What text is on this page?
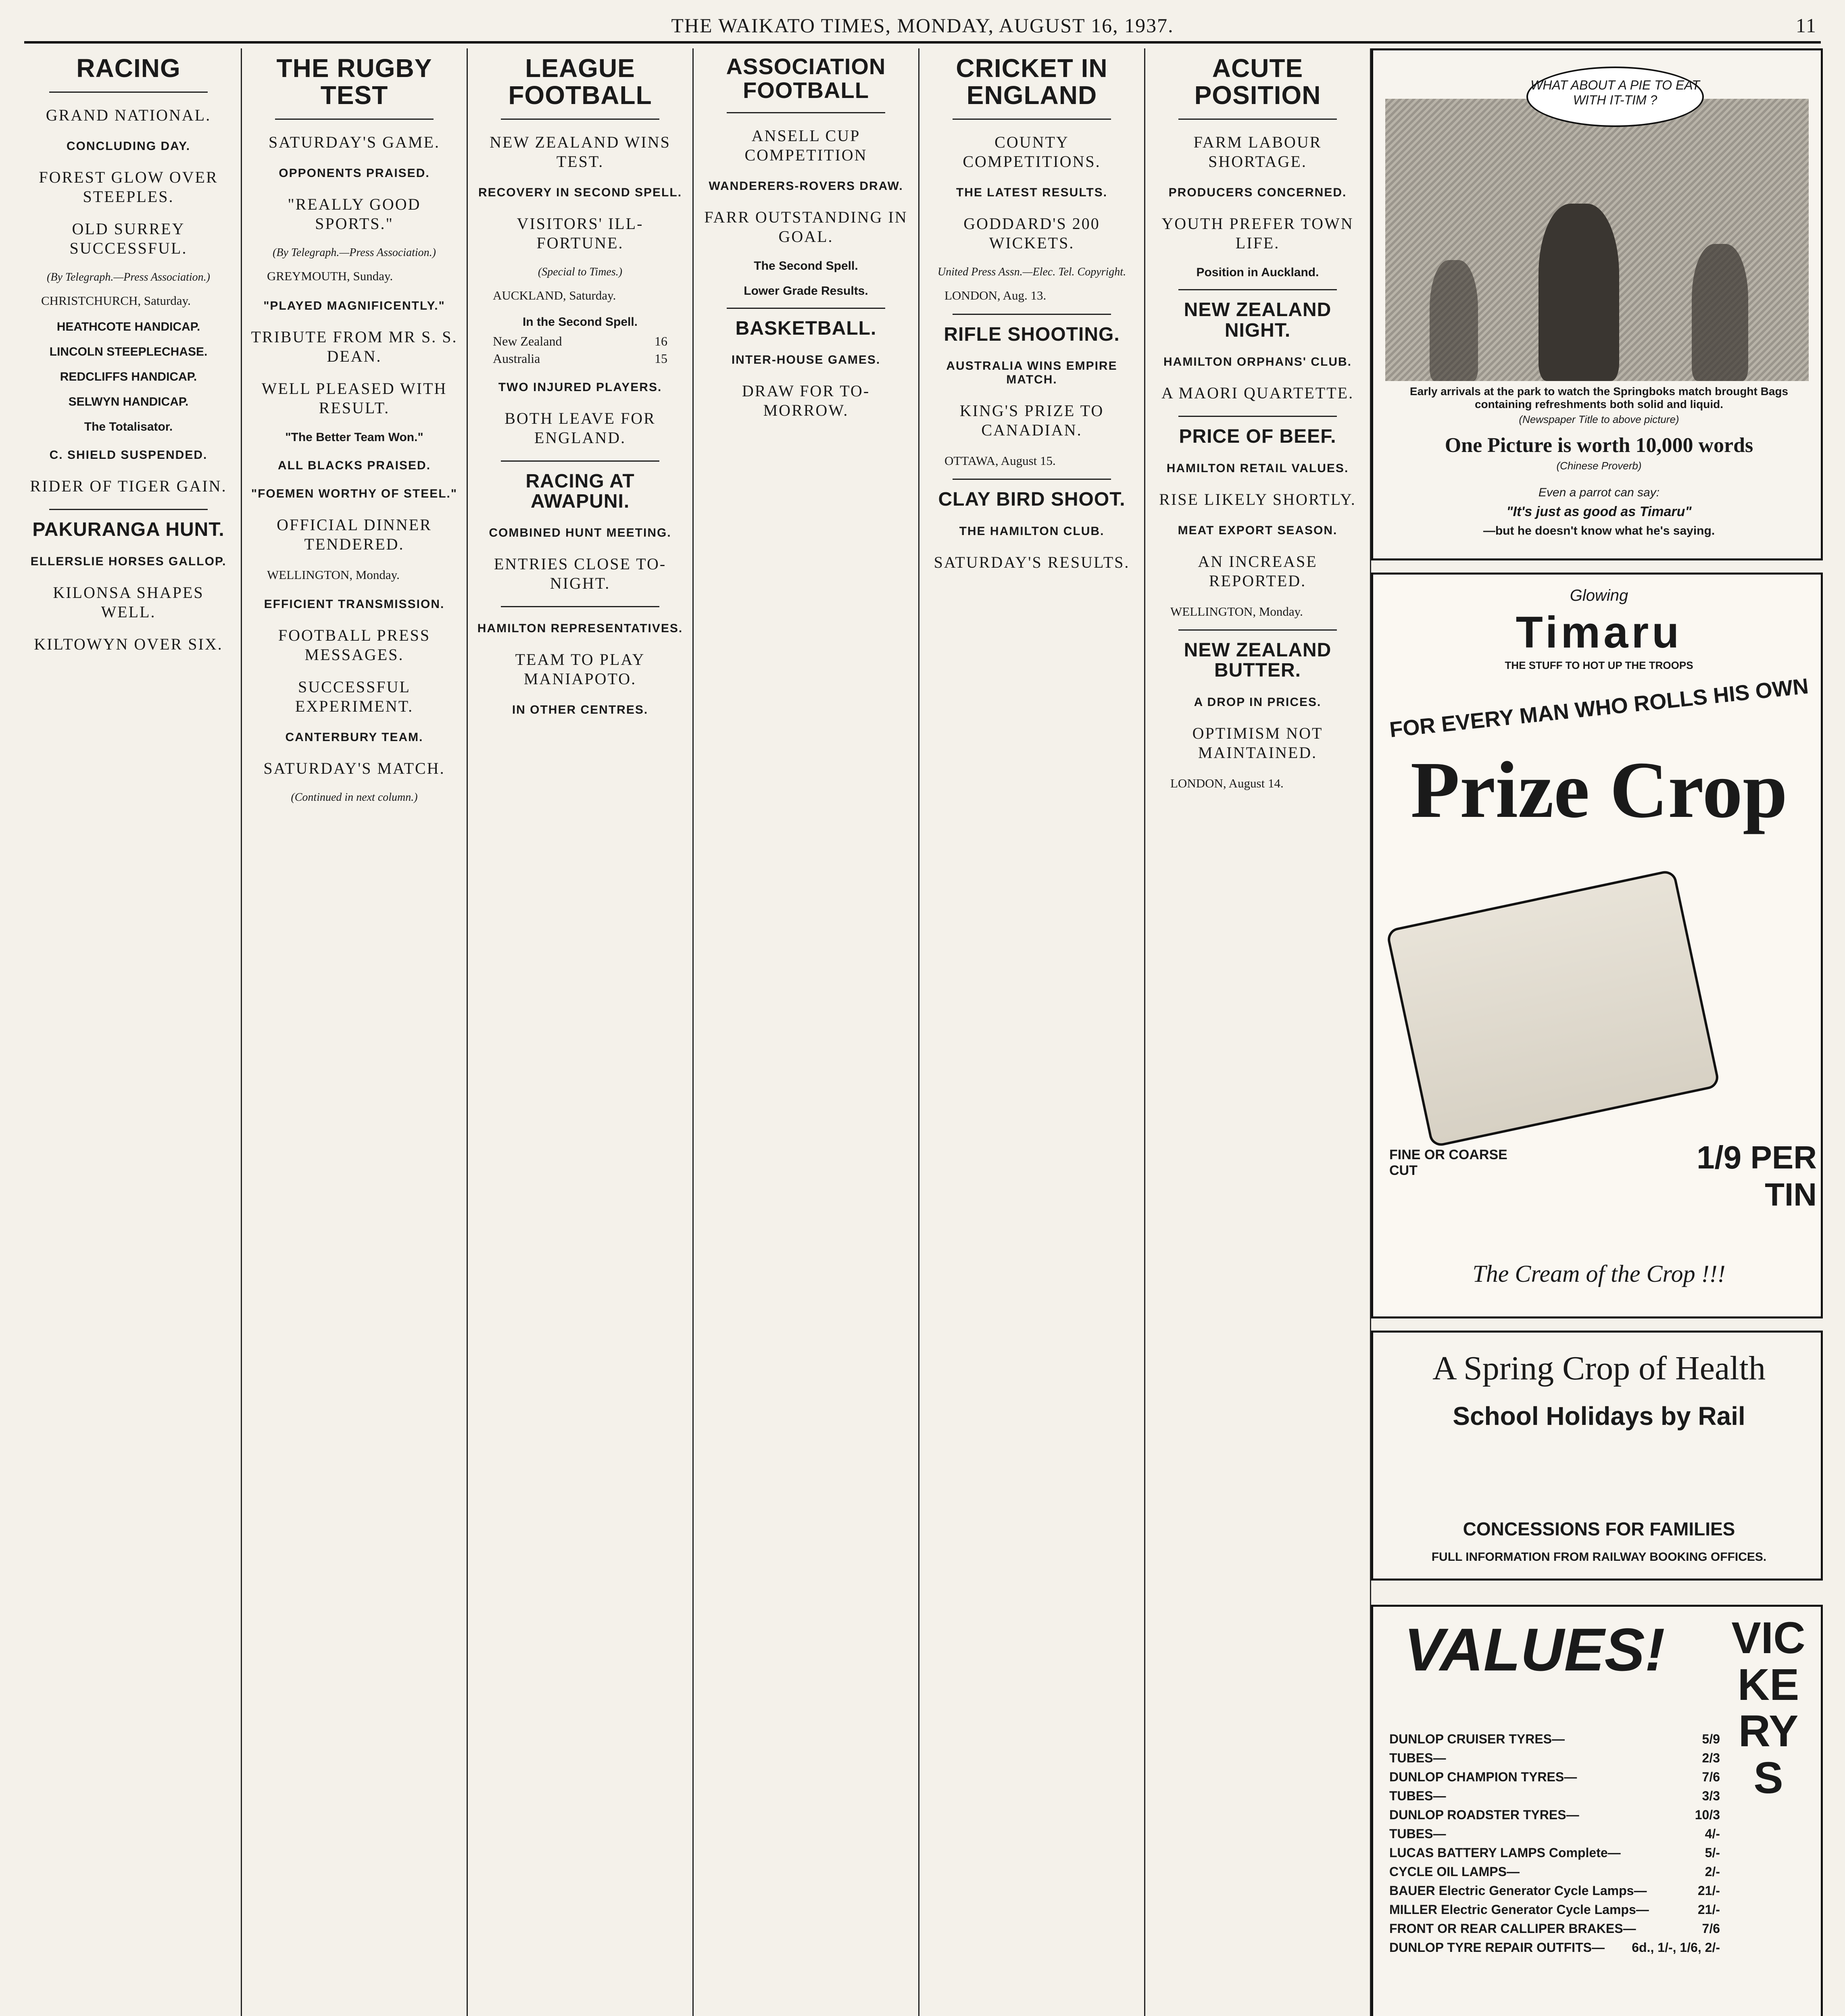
THE WAIKATO TIMES, MONDAY, AUGUST 16, 1937.	11
RACING
GRAND NATIONAL.
CONCLUDING DAY.
FOREST GLOW OVER STEEPLES.
OLD SURREY SUCCESSFUL.
(By Telegraph.—Press Association.)
CHRISTCHURCH, Saturday.
HEATHCOTE HANDICAP.
LINCOLN STEEPLECHASE.
REDCLIFFS HANDICAP.
SELWYN HANDICAP.
The Totalisator.
C. SHIELD SUSPENDED.
RIDER OF TIGER GAIN.
PAKURANGA HUNT.
ELLERSLIE HORSES GALLOP.
KILONSA SHAPES WELL.
KILTOWYN OVER SIX.
THE RUGBY TEST
SATURDAY'S GAME.
OPPONENTS PRAISED.
"REALLY GOOD SPORTS."
(By Telegraph.—Press Association.)
GREYMOUTH, Sunday.
"PLAYED MAGNIFICENTLY."
TRIBUTE FROM MR S. S. DEAN.
WELL PLEASED WITH RESULT.
"The Better Team Won."
ALL BLACKS PRAISED.
"FOEMEN WORTHY OF STEEL."
OFFICIAL DINNER TENDERED.
WELLINGTON, Monday.
EFFICIENT TRANSMISSION.
FOOTBALL PRESS MESSAGES.
SUCCESSFUL EXPERIMENT.
CANTERBURY TEAM.
SATURDAY'S MATCH.
(Continued in next column.)
LEAGUE FOOTBALL
NEW ZEALAND WINS TEST.
RECOVERY IN SECOND SPELL.
VISITORS' ILL-FORTUNE.
(Special to Times.)
AUCKLAND, Saturday.
In the Second Spell.
New Zealand	16
Australia	15
TWO INJURED PLAYERS.
BOTH LEAVE FOR ENGLAND.
RACING AT AWAPUNI.
COMBINED HUNT MEETING.
ENTRIES CLOSE TO-NIGHT.
HAMILTON REPRESENTATIVES.
TEAM TO PLAY MANIAPOTO.
IN OTHER CENTRES.
ASSOCIATION FOOTBALL
ANSELL CUP COMPETITION
WANDERERS-ROVERS DRAW.
FARR OUTSTANDING IN GOAL.
The Second Spell.
Lower Grade Results.
BASKETBALL.
INTER-HOUSE GAMES.
DRAW FOR TO-MORROW.
CRICKET IN ENGLAND
COUNTY COMPETITIONS.
THE LATEST RESULTS.
GODDARD'S 200 WICKETS.
United Press Assn.—Elec. Tel. Copyright.
LONDON, Aug. 13.
RIFLE SHOOTING.
AUSTRALIA WINS EMPIRE MATCH.
KING'S PRIZE TO CANADIAN.
OTTAWA, August 15.
CLAY BIRD SHOOT.
THE HAMILTON CLUB.
SATURDAY'S RESULTS.
ACUTE POSITION
FARM LABOUR SHORTAGE.
PRODUCERS CONCERNED.
YOUTH PREFER TOWN LIFE.
Position in Auckland.
NEW ZEALAND NIGHT.
HAMILTON ORPHANS' CLUB.
A MAORI QUARTETTE.
PRICE OF BEEF.
HAMILTON RETAIL VALUES.
RISE LIKELY SHORTLY.
MEAT EXPORT SEASON.
AN INCREASE REPORTED.
WELLINGTON, Monday.
NEW ZEALAND BUTTER.
A DROP IN PRICES.
OPTIMISM NOT MAINTAINED.
LONDON, August 14.
WHAT ABOUT A PIE TO EAT WITH IT-TIM ?
Early arrivals at the park to watch the Springboks match brought Bags containing refreshments both solid and liquid.
(Newspaper Title to above picture)
One Picture is worth 10,000 words
(Chinese Proverb)
Even a parrot can say:
"It's just as good as Timaru"
—but he doesn't know what he's saying.
Glowing
Timaru
THE STUFF TO HOT UP THE TROOPS
FOR EVERY MAN WHO ROLLS HIS OWN
Prize Crop
FINE OR COARSE CUT	1/9 PER TIN
The Cream of the Crop !!!
A Spring Crop of Health
School Holidays by Rail
CONCESSIONS FOR FAMILIES
FULL INFORMATION FROM RAILWAY BOOKING OFFICES.
VALUES!	VICKERYS
DUNLOP CRUISER TYRES—	5/9
TUBES—	2/3
DUNLOP CHAMPION TYRES—	7/6
TUBES—	3/3
DUNLOP ROADSTER TYRES—	10/3
TUBES—	4/-
LUCAS BATTERY LAMPS Complete—	5/-
CYCLE OIL LAMPS—	2/-
BAUER Electric Generator Cycle Lamps—	21/-
MILLER Electric Generator Cycle Lamps—	21/-
FRONT OR REAR CALLIPER BRAKES—	7/6
DUNLOP TYRE REPAIR OUTFITS— 6d., 1/-, 1/6, 2/-
